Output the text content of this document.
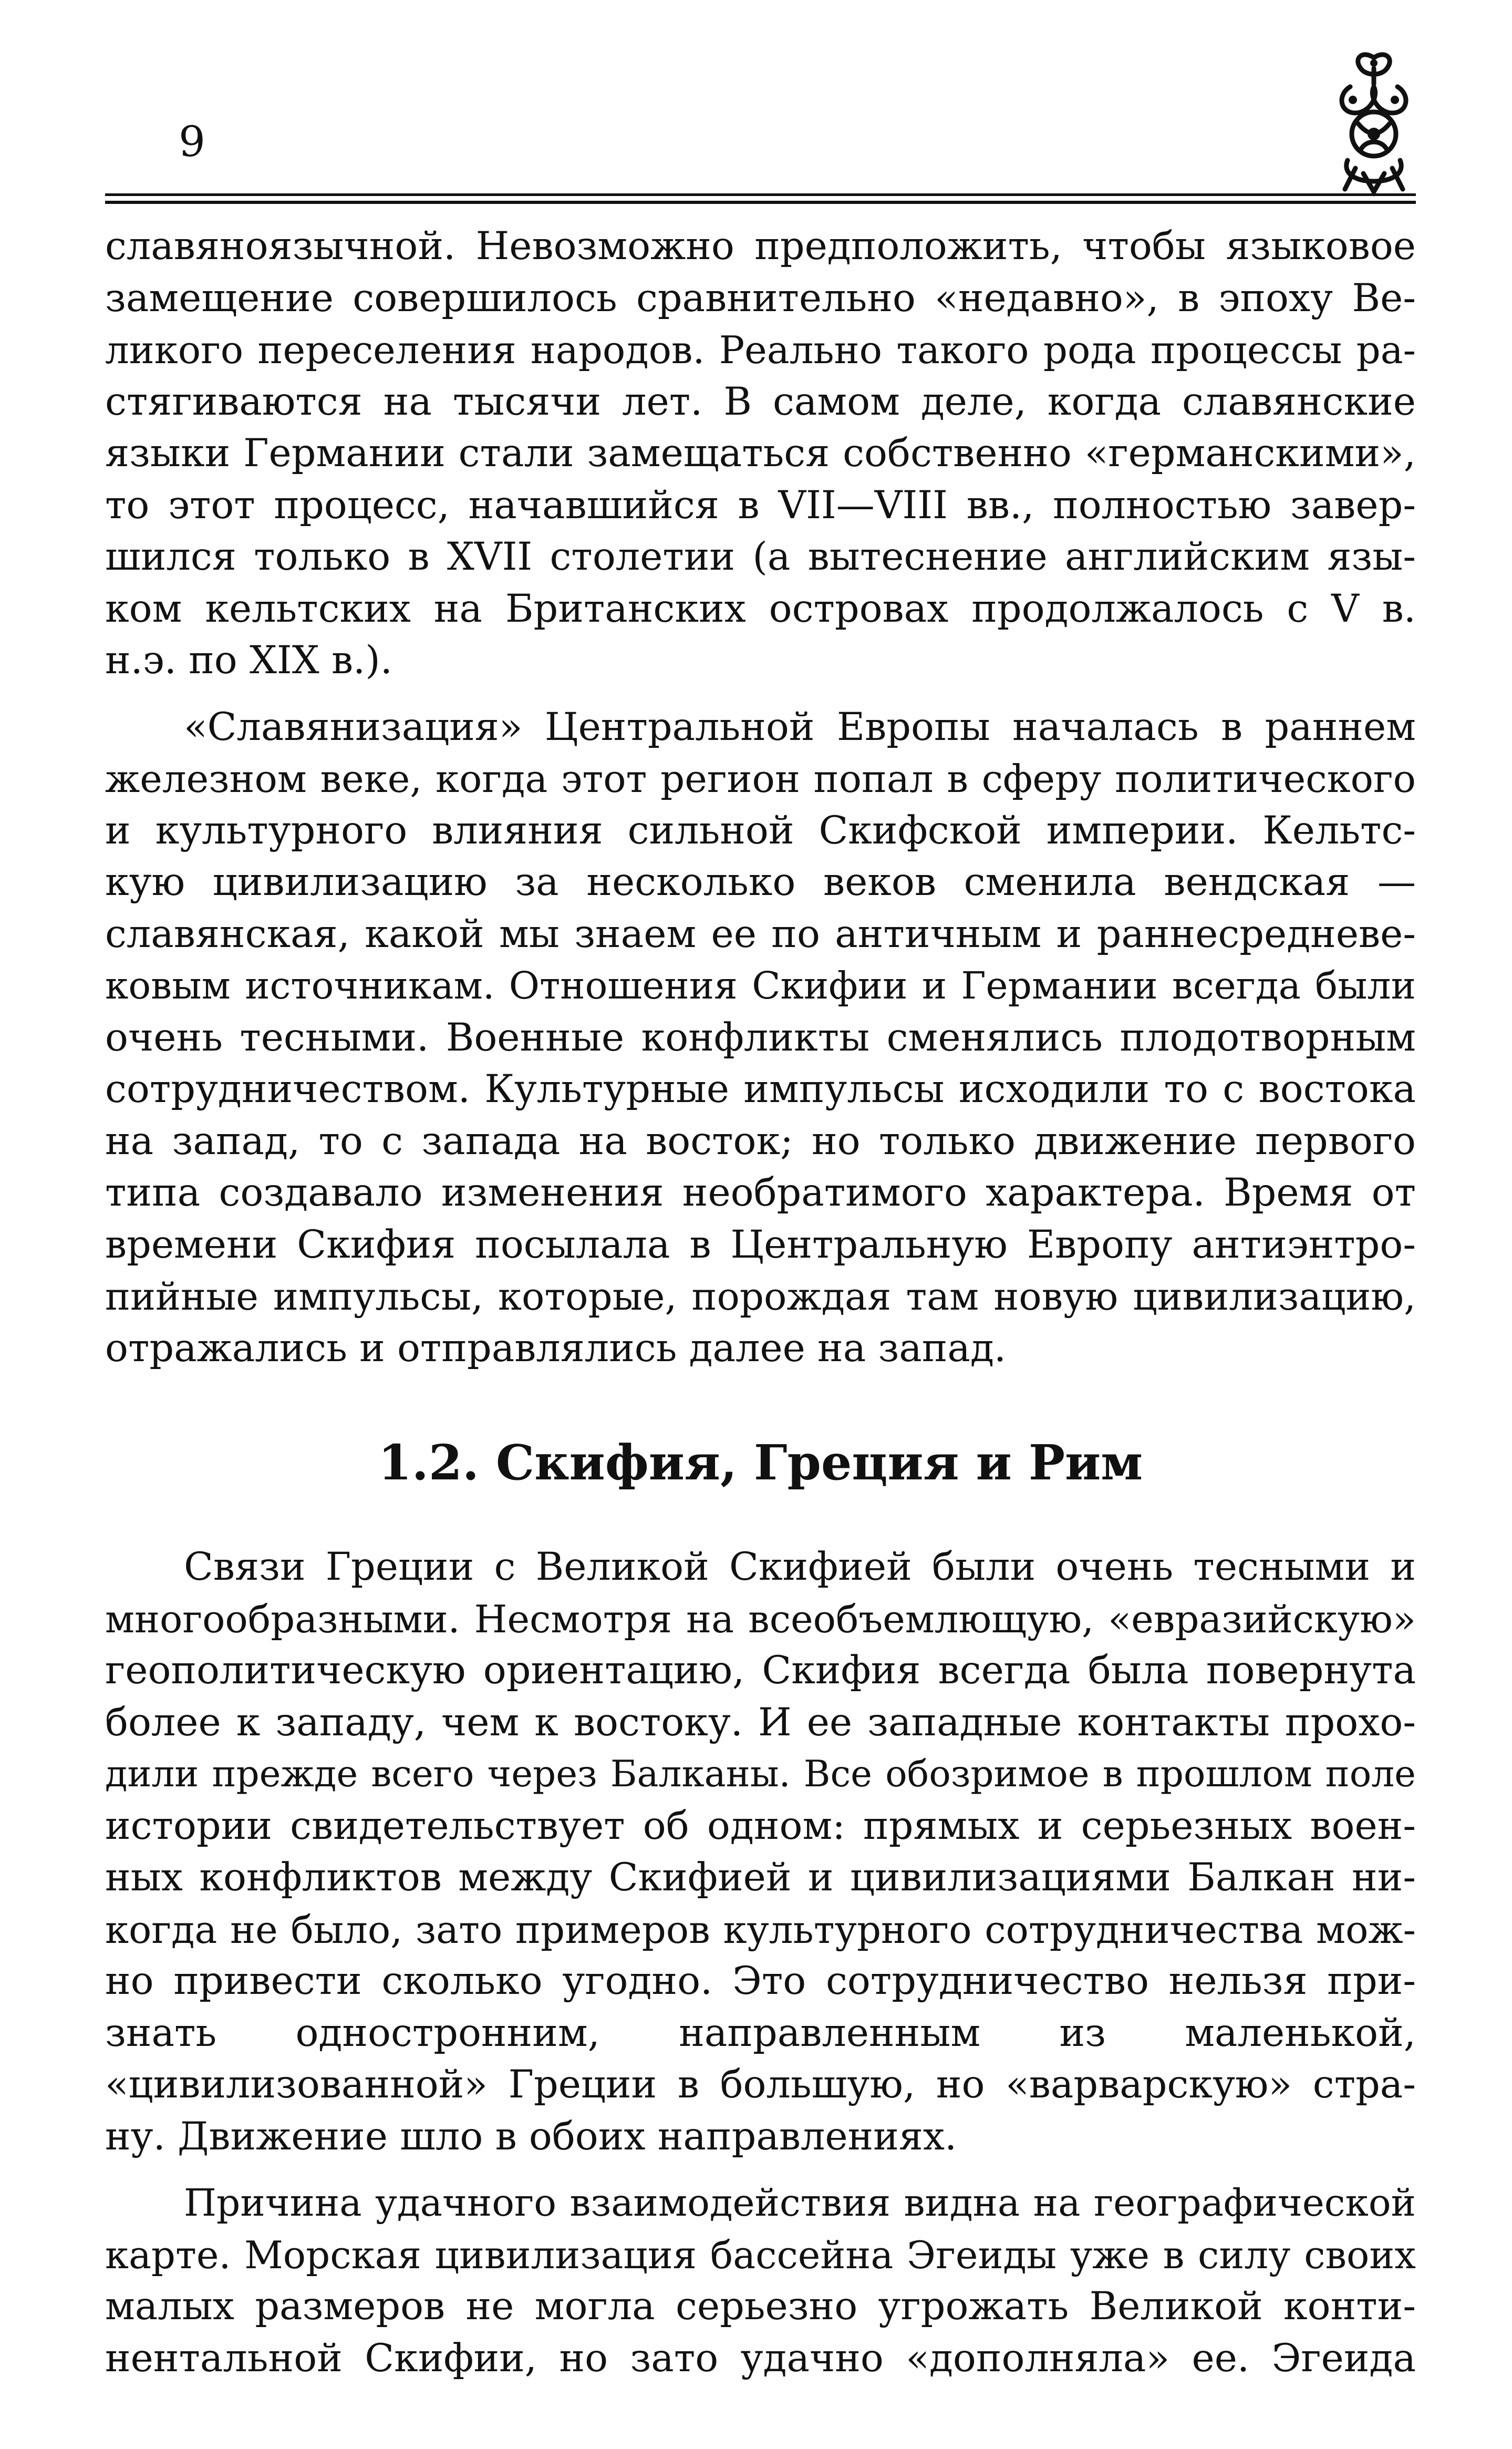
9
славяноязычной. Невозможно предположить, чтобы языковое
замещение совершилось сравнительно «недавно», в эпоху Ве-
ликого переселения народов. Реально такого рода процессы ра-
стягиваются на тысячи лет. В самом деле, когда славянские
языки Германии стали замещаться собственно «германскими»,
то этот процесс, начавшийся в VII—VIII вв., полностью завер-
шился только в XVII столетии (а вытеснение английским язы-
ком кельтских на Британских островах продолжалось с V в.
н.э. по XIX в.).
«Славянизация» Центральной Европы началась в раннем
железном веке, когда этот регион попал в сферу политического
и культурного влияния сильной Скифской империи. Кельтс-
кую цивилизацию за несколько веков сменила вендская —
славянская, какой мы знаем ее по античным и раннесредневе-
ковым источникам. Отношения Скифии и Германии всегда были
очень тесными. Военные конфликты сменялись плодотворным
сотрудничеством. Культурные импульсы исходили то с востока
на запад, то с запада на восток; но только движение первого
типа создавало изменения необратимого характера. Время от
времени Скифия посылала в Центральную Европу антиэнтро-
пийные импульсы, которые, порождая там новую цивилизацию,
отражались и отправлялись далее на запад.
1.2. Скифия, Греция и Рим
Связи Греции с Великой Скифией были очень тесными и
многообразными. Несмотря на всеобъемлющую, «евразийскую»
геополитическую ориентацию, Скифия всегда была повернута
более к западу, чем к востоку. И ее западные контакты прохо-
дили прежде всего через Балканы. Все обозримое в прошлом поле
истории свидетельствует об одном: прямых и серьезных воен-
ных конфликтов между Скифией и цивилизациями Балкан ни-
когда не было, зато примеров культурного сотрудничества мож-
но привести сколько угодно. Это сотрудничество нельзя при-
знать одностронним, направленным из маленькой,
«цивилизованной» Греции в большую, но «варварскую» стра-
ну. Движение шло в обоих направлениях.
Причина удачного взаимодействия видна на географической
карте. Морская цивилизация бассейна Эгеиды уже в силу своих
малых размеров не могла серьезно угрожать Великой конти-
нентальной Скифии, но зато удачно «дополняла» ее. Эгеида
